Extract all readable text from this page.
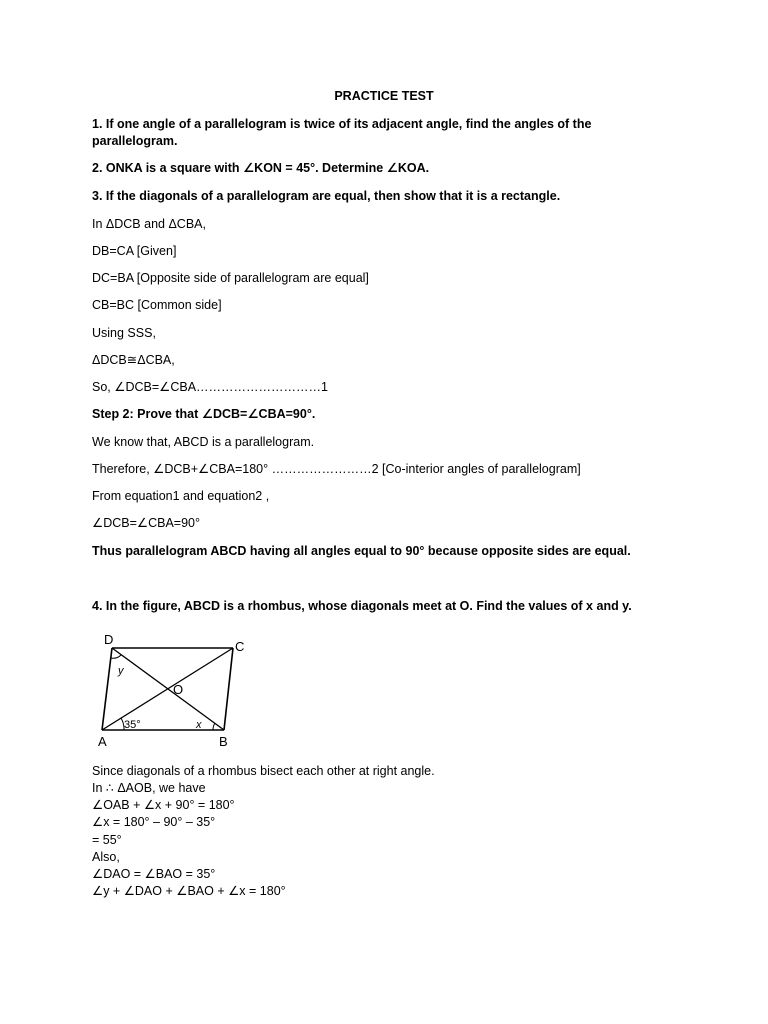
PRACTICE TEST
1. If one angle of a parallelogram is twice of its adjacent angle, find the angles of the
parallelogram.
2. ONKA is a square with ∠KON = 45°. Determine ∠KOA.
3. If the diagonals of a parallelogram are equal, then show that it is a rectangle.
In ΔDCB and ΔCBA,
DB=CA [Given]
DC=BA [Opposite side of parallelogram are equal]
CB=BC [Common side]
Using SSS,
ΔDCB≅ΔCBA,
So, ∠DCB=∠CBA…………………………1
Step 2: Prove that ∠DCB=∠CBA=90°.
We know that, ABCD is a parallelogram.
Therefore, ∠DCB+∠CBA=180° ……………………2 [Co-interior angles of parallelogram]
From equation1 and equation2 ,
∠DCB=∠CBA=90°
Thus parallelogram ABCD having all angles equal to 90° because opposite sides are equal.
4. In the figure, ABCD is a rhombus, whose diagonals meet at O. Find the values of x and y.
D	C
A	B
O
y
x
35°
Since diagonals of a rhombus bisect each other at right angle.
In ∴ ΔAOB, we have
∠OAB + ∠x + 90° = 180°
∠x = 180° – 90° – 35°
= 55°
Also,
∠DAO = ∠BAO = 35°
∠y + ∠DAO + ∠BAO + ∠x = 180°
